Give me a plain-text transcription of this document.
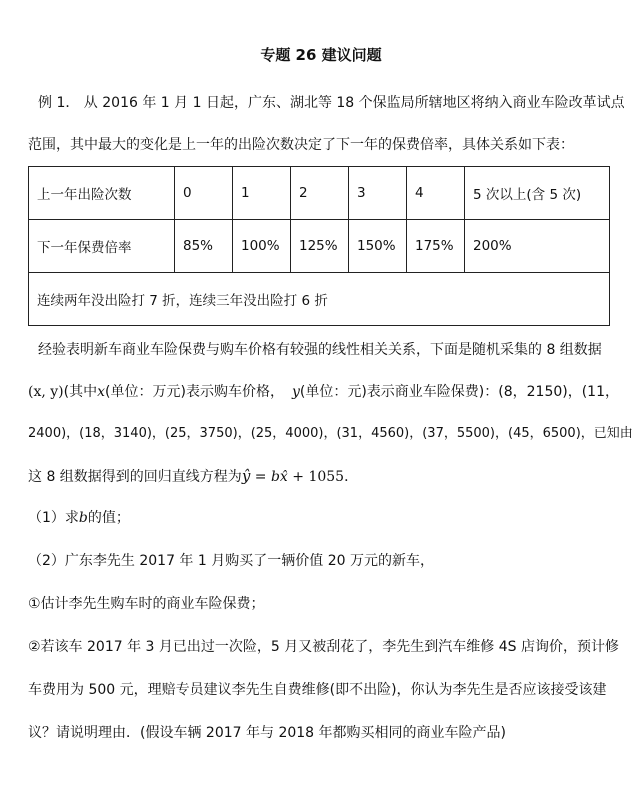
专题 26 建议问题
例 1． 从 2016 年 1 月 1 日起，广东、湖北等 18 个保监局所辖地区将纳入商业车险改革试点
范围，其中最大的变化是上一年的出险次数决定了下一年的保费倍率，具体关系如下表：
上一年出险次数	0	1	2	3	4	5 次以上(含 5 次)
下一年保费倍率	85%	100%	125%	150%	175%	200%
连续两年没出险打 7 折，连续三年没出险打 6 折						
经验表明新车商业车险保费与购车价格有较强的线性相关关系，下面是随机采集的 8 组数据
(x, y)(其中x(单位：万元)表示购车价格， y(单位：元)表示商业车险保费)：(8，2150)，(11，
2400)，(18，3140)，(25，3750)，(25，4000)，(31，4560)，(37，5500)，(45，6500)，已知由
这 8 组数据得到的回归直线方程为ŷ = bx̂ + 1055．
（1）求b的值；
（2）广东李先生 2017 年 1 月购买了一辆价值 20 万元的新车，
①估计李先生购车时的商业车险保费；
②若该车 2017 年 3 月已出过一次险，5 月又被刮花了，李先生到汽车维修 4S 店询价，预计修
车费用为 500 元，理赔专员建议李先生自费维修(即不出险)，你认为李先生是否应该接受该建
议？请说明理由．(假设车辆 2017 年与 2018 年都购买相同的商业车险产品)
